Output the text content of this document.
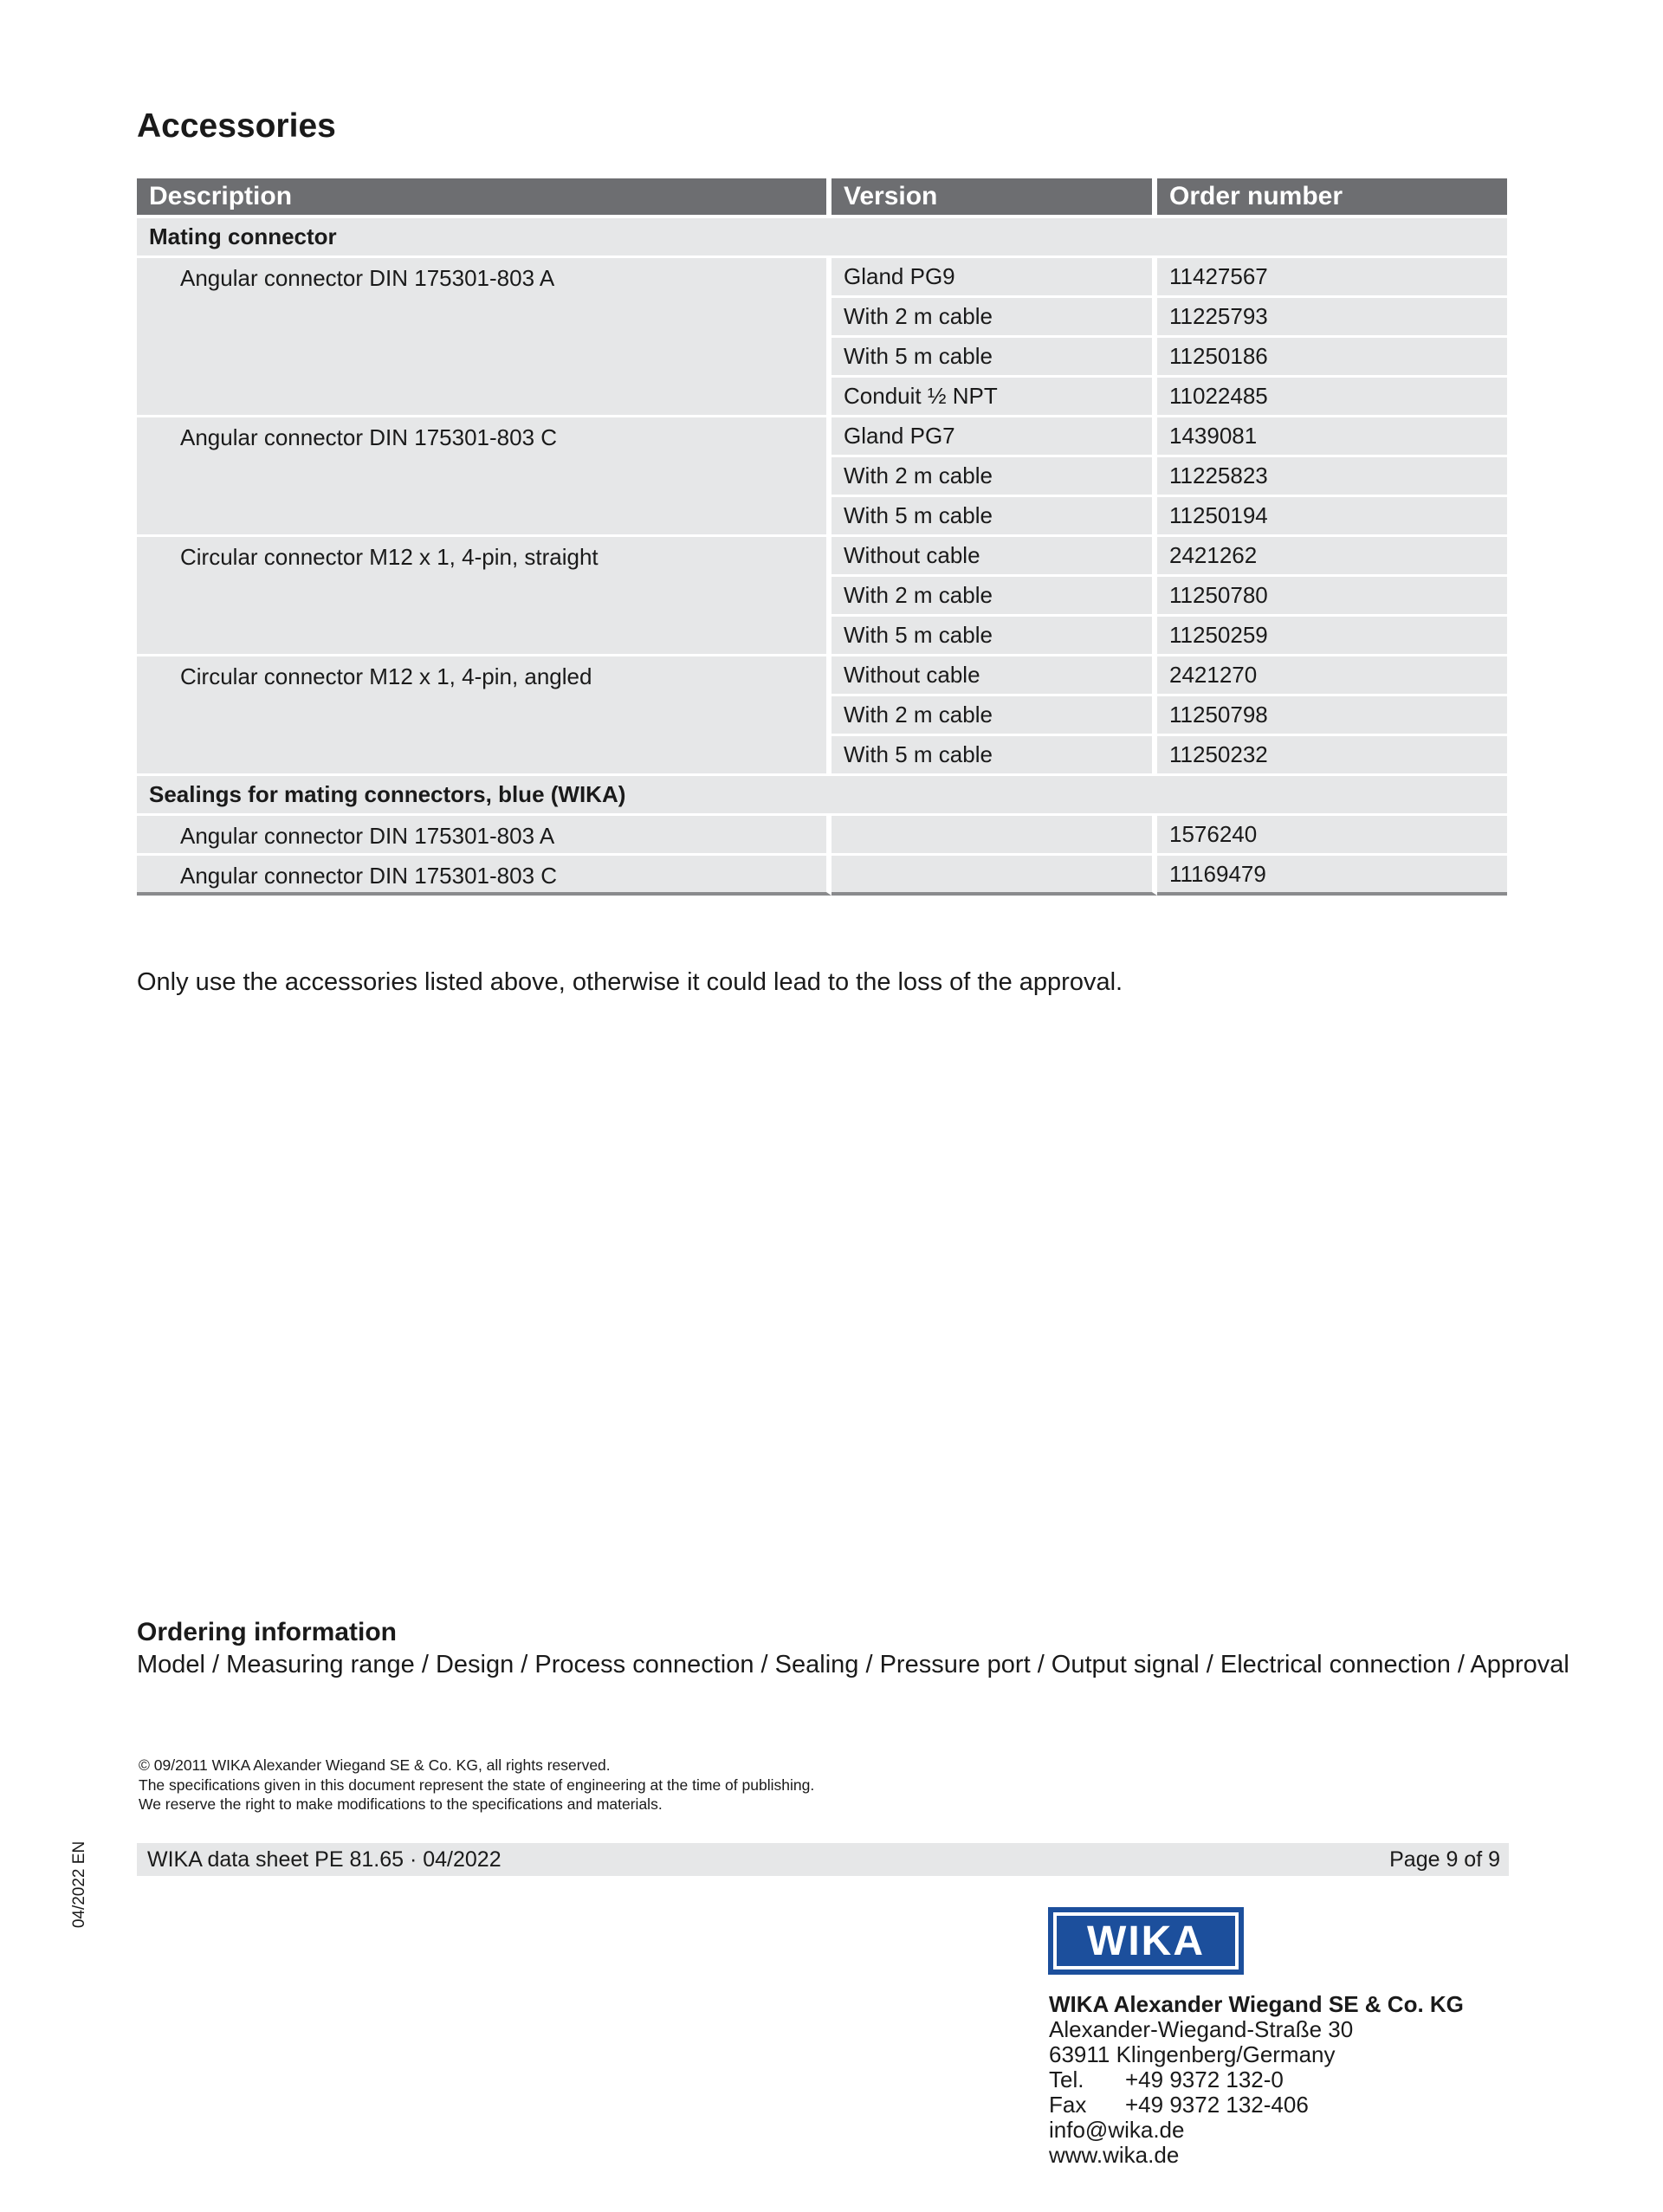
Accessories
Description	Version	Order number
Mating connector		
Angular connector DIN 175301-803 A	Gland PG9	11427567
	With 2 m cable	11225793
	With 5 m cable	11250186
	Conduit ½ NPT	11022485
Angular connector DIN 175301-803 C	Gland PG7	1439081
	With 2 m cable	11225823
	With 5 m cable	11250194
Circular connector M12 x 1, 4-pin, straight	Without cable	2421262
	With 2 m cable	11250780
	With 5 m cable	11250259
Circular connector M12 x 1, 4-pin, angled	Without cable	2421270
	With 2 m cable	11250798
	With 5 m cable	11250232
Sealings for mating connectors, blue (WIKA)		
Angular connector DIN 175301-803 A		1576240
Angular connector DIN 175301-803 C		11169479
Only use the accessories listed above, otherwise it could lead to the loss of the approval.
Ordering information
Model / Measuring range / Design / Process connection / Sealing / Pressure port / Output signal / Electrical connection / Approval
© 09/2011 WIKA Alexander Wiegand SE & Co. KG, all rights reserved.
The specifications given in this document represent the state of engineering at the time of publishing.
We reserve the right to make modifications to the specifications and materials.
WIKA data sheet PE 81.65 · 04/2022	Page 9 of 9
04/2022 EN
WIKA
WIKA Alexander Wiegand SE & Co. KG
Alexander-Wiegand-Straße 30
63911 Klingenberg/Germany
Tel. +49 9372 132-0
Fax +49 9372 132-406
info@wika.de
www.wika.de
